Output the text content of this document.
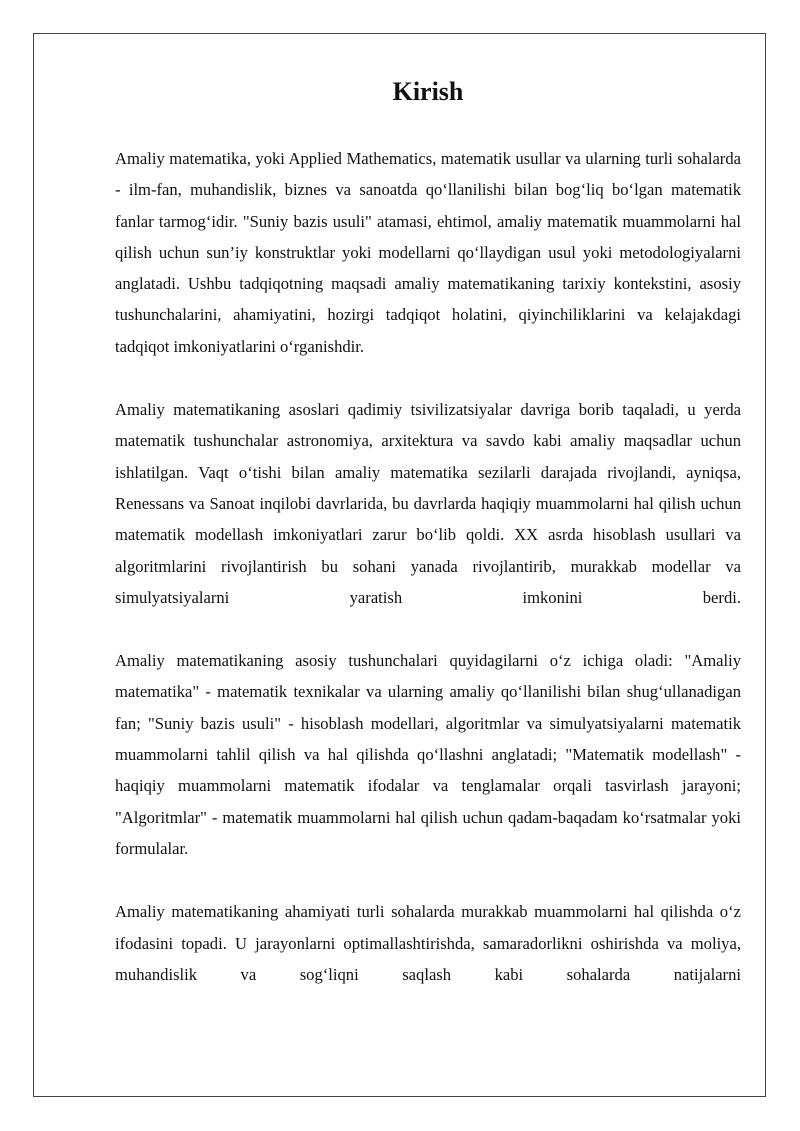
Kirish

Amaliy matematika, yoki Applied Mathematics, matematik usullar va ularning turli sohalarda - ilm-fan, muhandislik, biznes va sanoatda qo‘llanilishi bilan bog‘liq bo‘lgan matematik fanlar tarmog‘idir. "Suniy bazis usuli" atamasi, ehtimol, amaliy matematik muammolarni hal qilish uchun sun’iy konstruktlar yoki modellarni qo‘llaydigan usul yoki metodologiyalarni anglatadi. Ushbu tadqiqotning maqsadi amaliy matematikaning tarixiy kontekstini, asosiy tushunchalarini, ahamiyatini, hozirgi tadqiqot holatini, qiyinchiliklarini va kelajakdagi tadqiqot imkoniyatlarini o‘rganishdir.

Amaliy matematikaning asoslari qadimiy tsivilizatsiyalar davriga borib taqaladi, u yerda matematik tushunchalar astronomiya, arxitektura va savdo kabi amaliy maqsadlar uchun ishlatilgan. Vaqt o‘tishi bilan amaliy matematika sezilarli darajada rivojlandi, ayniqsa, Renessans va Sanoat inqilobi davrlarida, bu davrlarda haqiqiy muammolarni hal qilish uchun matematik modellash imkoniyatlari zarur bo‘lib qoldi. XX asrda hisoblash usullari va algoritmlarini rivojlantirish bu sohani yanada rivojlantirib, murakkab modellar va simulyatsiyalarni yaratish imkonini berdi.

Amaliy matematikaning asosiy tushunchalari quyidagilarni o‘z ichiga oladi: "Amaliy matematika" - matematik texnikalar va ularning amaliy qo‘llanilishi bilan shug‘ullanadigan fan; "Suniy bazis usuli" - hisoblash modellari, algoritmlar va simulyatsiyalarni matematik muammolarni tahlil qilish va hal qilishda qo‘llashni anglatadi; "Matematik modellash" - haqiqiy muammolarni matematik ifodalar va tenglamalar orqali tasvirlash jarayoni; "Algoritmlar" - matematik muammolarni hal qilish uchun qadam-baqadam ko‘rsatmalar yoki formulalar.

Amaliy matematikaning ahamiyati turli sohalarda murakkab muammolarni hal qilishda o‘z ifodasini topadi. U jarayonlarni optimallashtirishda, samaradorlikni oshirishda va moliya, muhandislik va sog‘liqni saqlash kabi sohalarda natijalarni
